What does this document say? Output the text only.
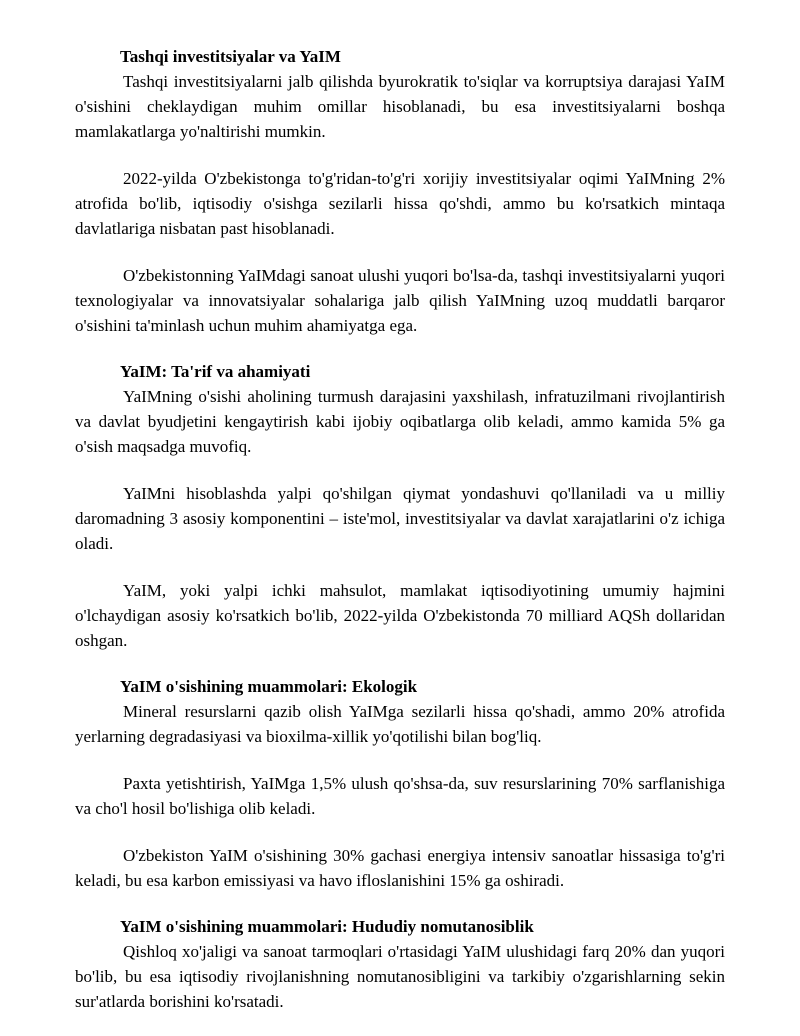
Tashqi investitsiyalar va YaIM

Tashqi investitsiyalarni jalb qilishda byurokratik to'siqlar va korruptsiya darajasi YaIM o'sishini cheklaydigan muhim omillar hisoblanadi, bu esa investitsiyalarni boshqa mamlakatlarga yo'naltirishi mumkin.

2022-yilda O'zbekistonga to'g'ridan-to'g'ri xorijiy investitsiyalar oqimi YaIMning 2% atrofida bo'lib, iqtisodiy o'sishga sezilarli hissa qo'shdi, ammo bu ko'rsatkich mintaqa davlatlariga nisbatan past hisoblanadi.

O'zbekistonning YaIMdagi sanoat ulushi yuqori bo'lsa-da, tashqi investitsiyalarni yuqori texnologiyalar va innovatsiyalar sohalariga jalb qilish YaIMning uzoq muddatli barqaror o'sishini ta'minlash uchun muhim ahamiyatga ega.

YaIM: Ta'rif va ahamiyati

YaIMning o'sishi aholining turmush darajasini yaxshilash, infratuzilmani rivojlantirish va davlat byudjetini kengaytirish kabi ijobiy oqibatlarga olib keladi, ammo kamida 5% ga o'sish maqsadga muvofiq.

YaIMni hisoblashda yalpi qo'shilgan qiymat yondashuvi qo'llaniladi va u milliy daromadning 3 asosiy komponentini – iste'mol, investitsiyalar va davlat xarajatlarini o'z ichiga oladi.

YaIM, yoki yalpi ichki mahsulot, mamlakat iqtisodiyotining umumiy hajmini o'lchaydigan asosiy ko'rsatkich bo'lib, 2022-yilda O'zbekistonda 70 milliard AQSh dollaridan oshgan.

YaIM o'sishining muammolari: Ekologik

Mineral resurslarni qazib olish YaIMga sezilarli hissa qo'shadi, ammo 20% atrofida yerlarning degradasiyasi va bioxilma-xillik yo'qotilishi bilan bog'liq.

Paxta yetishtirish, YaIMga 1,5% ulush qo'shsa-da, suv resurslarining 70% sarflanishiga va cho'l hosil bo'lishiga olib keladi.

O'zbekiston YaIM o'sishining 30% gachasi energiya intensiv sanoatlar hissasiga to'g'ri keladi, bu esa karbon emissiyasi va havo ifloslanishini 15% ga oshiradi.

YaIM o'sishining muammolari: Hududiy nomutanosiblik

Qishloq xo'jaligi va sanoat tarmoqlari o'rtasidagi YaIM ulushidagi farq 20% dan yuqori bo'lib, bu esa iqtisodiy rivojlanishning nomutanosibligini va tarkibiy o'zgarishlarning sekin sur'atlarda borishini ko'rsatadi.
